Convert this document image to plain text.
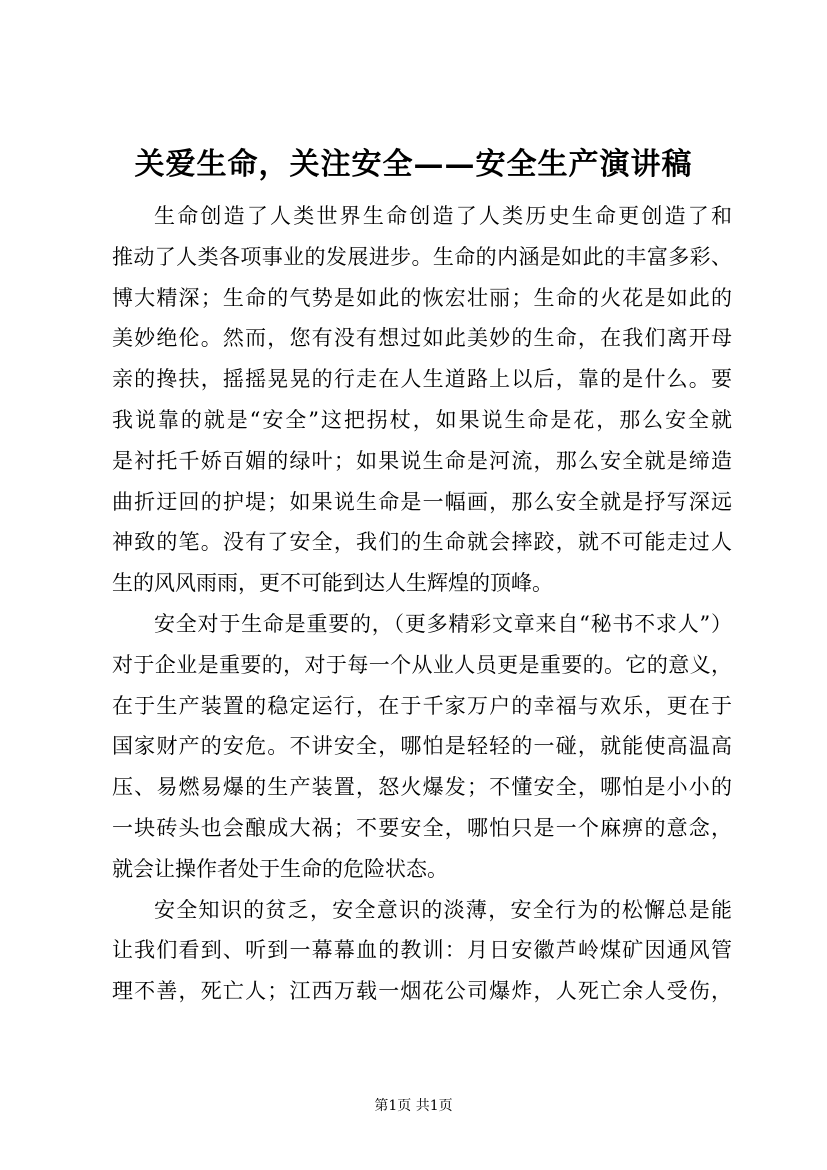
关爱生命，关注安全——安全生产演讲稿
生命创造了人类世界生命创造了人类历史生命更创造了和
推动了人类各项事业的发展进步。生命的内涵是如此的丰富多彩、
博大精深；生命的气势是如此的恢宏壮丽；生命的火花是如此的
美妙绝伦。然而，您有没有想过如此美妙的生命，在我们离开母
亲的搀扶，摇摇晃晃的行走在人生道路上以后，靠的是什么。要
我说靠的就是“安全”这把拐杖，如果说生命是花，那么安全就
是衬托千娇百媚的绿叶；如果说生命是河流，那么安全就是缔造
曲折迂回的护堤；如果说生命是一幅画，那么安全就是抒写深远
神致的笔。没有了安全，我们的生命就会摔跤，就不可能走过人
生的风风雨雨，更不可能到达人生辉煌的顶峰。
安全对于生命是重要的，（更多精彩文章来自“秘书不求人”）
对于企业是重要的，对于每一个从业人员更是重要的。它的意义，
在于生产装置的稳定运行，在于千家万户的幸福与欢乐，更在于
国家财产的安危。不讲安全，哪怕是轻轻的一碰，就能使高温高
压、易燃易爆的生产装置，怒火爆发；不懂安全，哪怕是小小的
一块砖头也会酿成大祸；不要安全，哪怕只是一个麻痹的意念，
就会让操作者处于生命的危险状态。
安全知识的贫乏，安全意识的淡薄，安全行为的松懈总是能
让我们看到、听到一幕幕血的教训：月日安徽芦岭煤矿因通风管
理不善，死亡人；江西万载一烟花公司爆炸，人死亡余人受伤，
第1页 共1页
